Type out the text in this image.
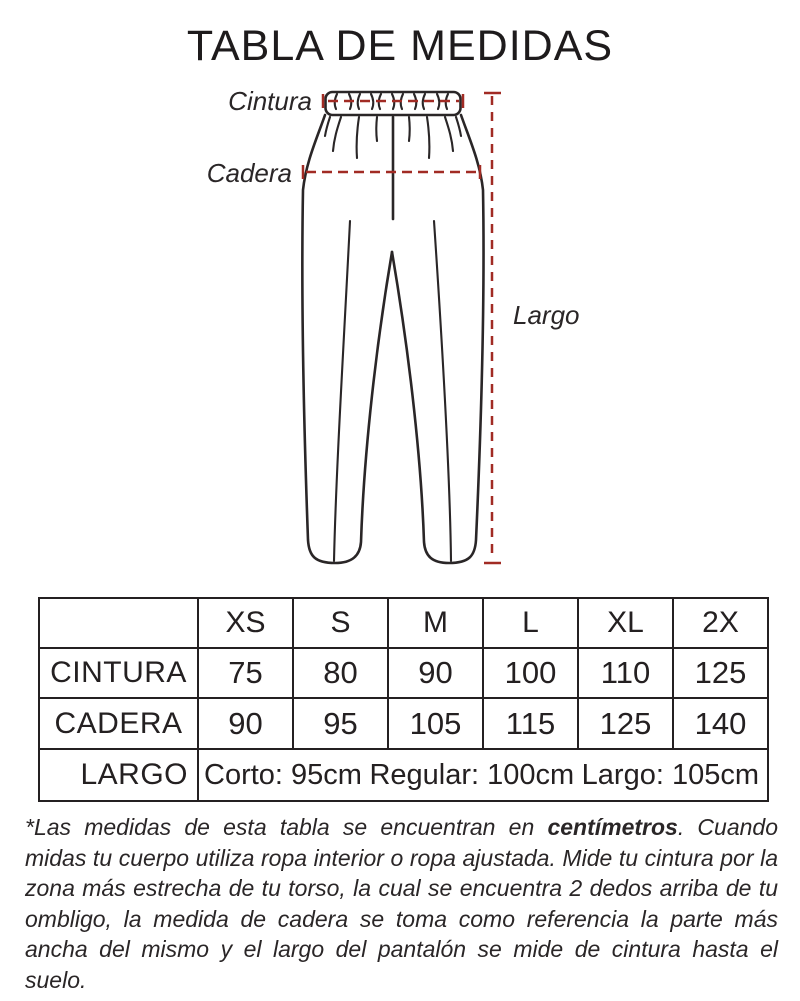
TABLA DE MEDIDAS
Cintura
Cadera
Largo
	XS	S	M	L	XL	2X
CINTURA	75	80	90	100	110	125
CADERA	90	95	105	115	125	140
LARGO	Corto: 95cm Regular: 100cm Largo: 105cm					

*Las medidas de esta tabla se encuentran en centímetros. Cuando midas tu cuerpo utiliza ropa interior o ropa ajustada. Mide tu cintura por la zona más estrecha de tu torso, la cual se encuentra 2 dedos arriba de tu ombligo, la medida de cadera se toma como referencia la parte más ancha del mismo y el largo del pantalón se mide de cintura hasta el suelo.
